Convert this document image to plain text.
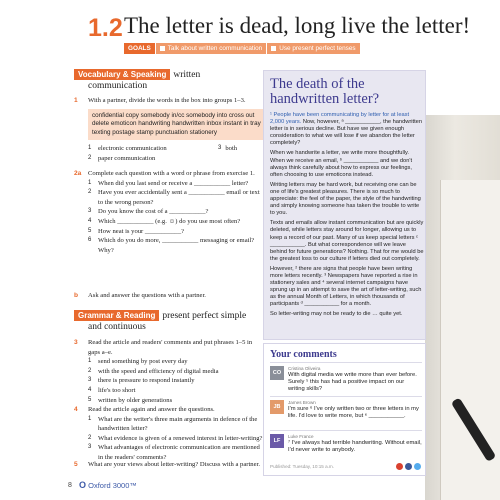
1.2 The letter is dead, long live the letter!
GOALS	Talk about written communication	Use present perfect tenses
Vocabulary & Speaking written
communication
1 With a partner, divide the words in the box into groups 1–3.
confidential copy somebody in/cc somebody into cross out delete emoticon handwriting handwritten inbox instant in tray texting postage stamp punctuation stationery
1 electronic communication	3 both
2 paper communication
2a Complete each question with a word or phrase from exercise 1.
1 When did you last send or receive a ___________ letter?
2 Have you ever accidentally sent a ___________ email or text to the wrong person?
3 Do you know the cost of a ___________?
4 Which ___________ (e.g. ☺) do you use most often?
5 How neat is your ___________?
6 Which do you do more, ___________ messaging or email? Why?
b Ask and answer the questions with a partner.
Grammar & Reading present perfect simple
and continuous
3 Read the article and readers' comments and put phrases 1–5 in gaps a–e.
1 send something by post every day
2 with the speed and efficiency of digital media
3 there is pressure to respond instantly
4 life's too short
5 written by older generations
4 Read the article again and answer the questions.
1 What are the writer's three main arguments in defence of the handwritten letter?
2 What evidence is given of a renewed interest in letter-writing?
3 What advantages of electronic communication are mentioned in the readers' comments?
5 What are your views about letter-writing? Discuss with a partner.
The death of the handwritten letter?

¹ People have been communicating by letter for at least 2,000 years. Now, however, ᵃ ___________, the handwritten letter is in serious decline. But have we given enough consideration to what we will lose if we abandon the letter completely?

When we handwrite a letter, we write more thoughtfully. When we receive an email, ᵇ ___________ and we don't always think carefully about how to express our feelings, often choosing to use emoticons instead.

Writing letters may be hard work, but receiving one can be one of life's greatest pleasures. There is so much to appreciate: the feel of the paper, the style of the handwriting and simply knowing someone has taken the trouble to write to you.

Texts and emails allow instant communication but are quickly deleted, while letters stay around for longer, allowing us to keep a record of our past. Many of us keep special letters ᶜ ___________. But what correspondence will we leave behind for future generations? Nothing. That for me would be the greatest loss to our culture if letters died out completely.

However, ² there are signs that people have been writing more letters recently. ³ Newspapers have reported a rise in stationery sales and ⁴ several internet campaigns have sprung up in an attempt to save the art of letter-writing, such as the annual Month of Letters, in which thousands of participants ᵈ ___________ for a month.

So letter-writing may not be ready to die … quite yet.

Your comments
CO
Cristina Oliveira
With digital media we write more than ever before. Surely ⁵ this has had a positive impact on our writing skills?
JB
James Brown
I'm sure ⁶ I've only written two or three letters in my life. I'd love to write more, but ᵉ ___________.
LF
Luke France
⁷ I've always had terrible handwriting. Without email, I'd never write to anybody.
Published: Tuesday, 10:15 a.m.
8 O Oxford 3000™
